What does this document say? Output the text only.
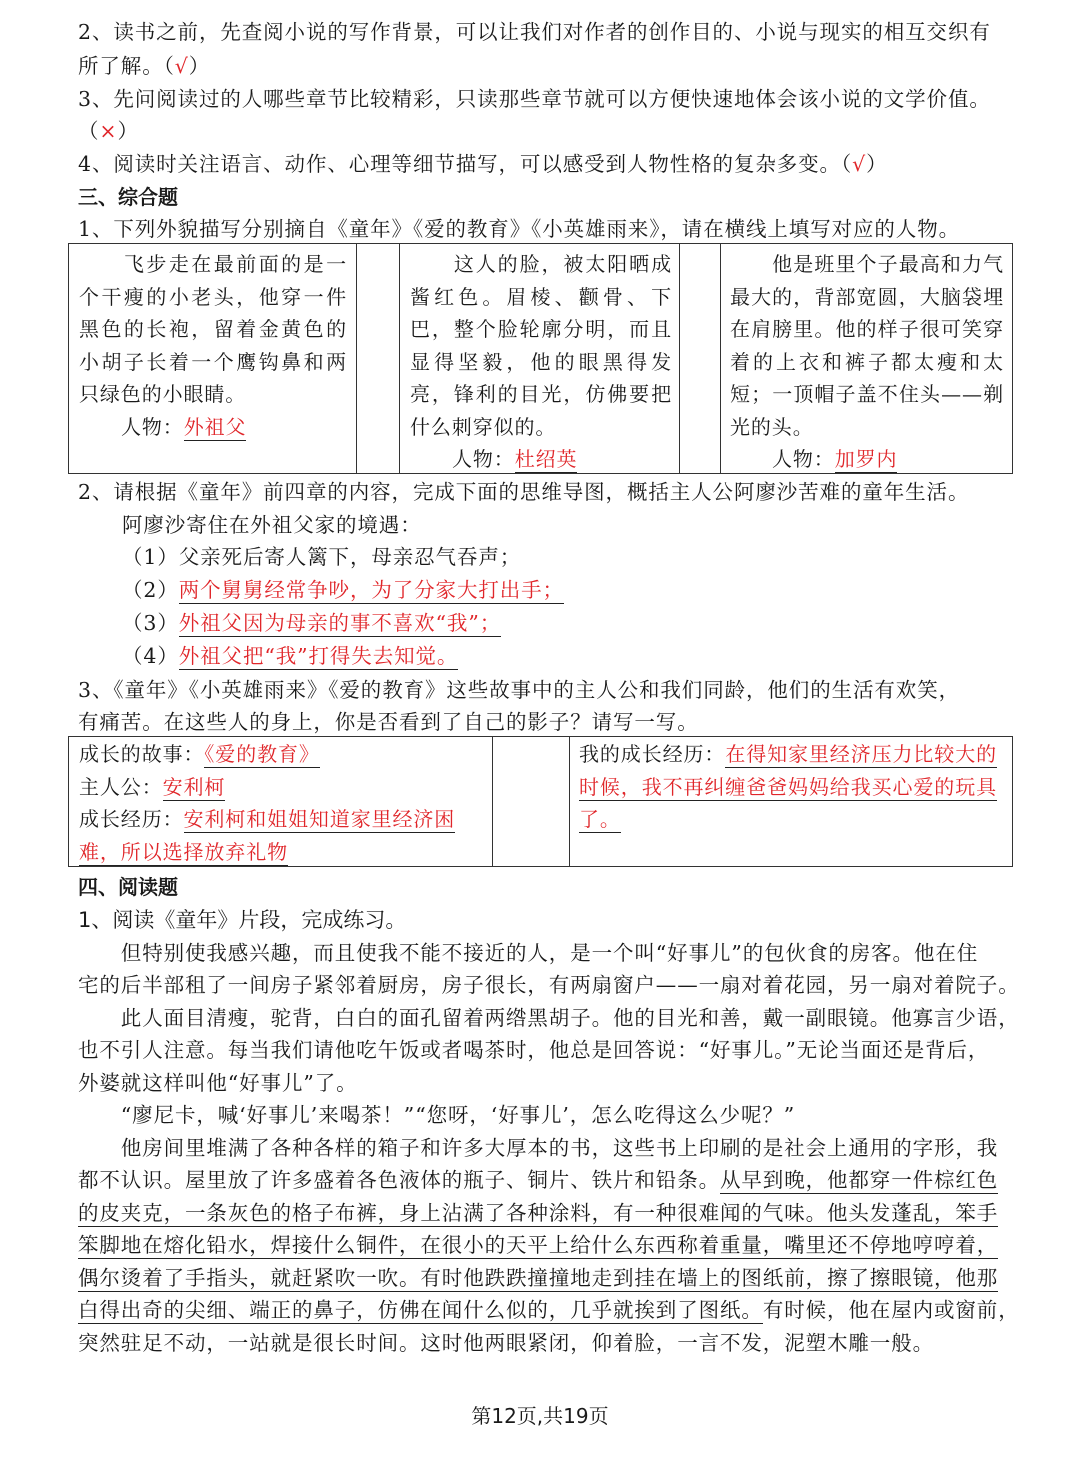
2、读书之前，先查阅小说的写作背景，可以让我们对作者的创作目的、小说与现实的相互交织有
所了解。（√）
3、先问阅读过的人哪些章节比较精彩，只读那些章节就可以方便快速地体会该小说的文学价值。
（×）
4、阅读时关注语言、动作、心理等细节描写，可以感受到人物性格的复杂多变。（√）
三、综合题
1、下列外貌描写分别摘自《童年》《爱的教育》《小英雄雨来》，请在横线上填写对应的人物。
　　飞步走在最前面的是一个干瘦的小老头，他穿一件黑色的长袍，留着金黄色的小胡子长着一个鹰钩鼻和两只绿色的小眼睛。
人物：外祖父
　　这人的脸，被太阳晒成酱红色。眉棱、颧骨、下巴，整个脸轮廓分明，而且显得坚毅，他的眼黑得发亮，锋利的目光，仿佛要把什么刺穿似的。
人物：杜绍英
　　他是班里个子最高和力气最大的，背部宽圆，大脑袋埋在肩膀里。他的样子很可笑穿着的上衣和裤子都太瘦和太短；一顶帽子盖不住头——剃光的头。
人物：加罗内
2、请根据《童年》前四章的内容，完成下面的思维导图，概括主人公阿廖沙苦难的童年生活。
阿廖沙寄住在外祖父家的境遇：
（1）父亲死后寄人篱下，母亲忍气吞声；
（2）两个舅舅经常争吵，为了分家大打出手；
（3）外祖父因为母亲的事不喜欢“我”；
（4）外祖父把“我”打得失去知觉。
3、《童年》《小英雄雨来》《爱的教育》这些故事中的主人公和我们同龄，他们的生活有欢笑，
有痛苦。在这些人的身上，你是否看到了自己的影子？请写一写。
成长的故事：《爱的教育》
主人公：安利柯
成长经历：安利柯和姐姐知道家里经济困
难，所以选择放弃礼物
我的成长经历：在得知家里经济压力比较大的
时候，我不再纠缠爸爸妈妈给我买心爱的玩具
了。
四、阅读题
1、阅读《童年》片段，完成练习。
　　但特别使我感兴趣，而且使我不能不接近的人，是一个叫“好事儿”的包伙食的房客。他在住
宅的后半部租了一间房子紧邻着厨房，房子很长，有两扇窗户——一扇对着花园，另一扇对着院子。
　　此人面目清瘦，驼背，白白的面孔留着两绺黑胡子。他的目光和善，戴一副眼镜。他寡言少语，
也不引人注意。每当我们请他吃午饭或者喝茶时，他总是回答说：“好事儿。”无论当面还是背后，
外婆就这样叫他“好事儿”了。
　　“廖尼卡，喊‘好事儿’来喝茶！”“您呀，‘好事儿’，怎么吃得这么少呢？”
　　他房间里堆满了各种各样的箱子和许多大厚本的书，这些书上印刷的是社会上通用的字形，我
都不认识。屋里放了许多盛着各色液体的瓶子、铜片、铁片和铅条。从早到晚，他都穿一件棕红色
的皮夹克，一条灰色的格子布裤，身上沾满了各种涂料，有一种很难闻的气味。他头发蓬乱，笨手
笨脚地在熔化铅水，焊接什么铜件，在很小的天平上给什么东西称着重量，嘴里还不停地哼哼着，
偶尔烫着了手指头，就赶紧吹一吹。有时他跌跌撞撞地走到挂在墙上的图纸前，擦了擦眼镜，他那
白得出奇的尖细、端正的鼻子，仿佛在闻什么似的，几乎就挨到了图纸。有时候，他在屋内或窗前，
突然驻足不动，一站就是很长时间。这时他两眼紧闭，仰着脸，一言不发，泥塑木雕一般。
第12页,共19页
